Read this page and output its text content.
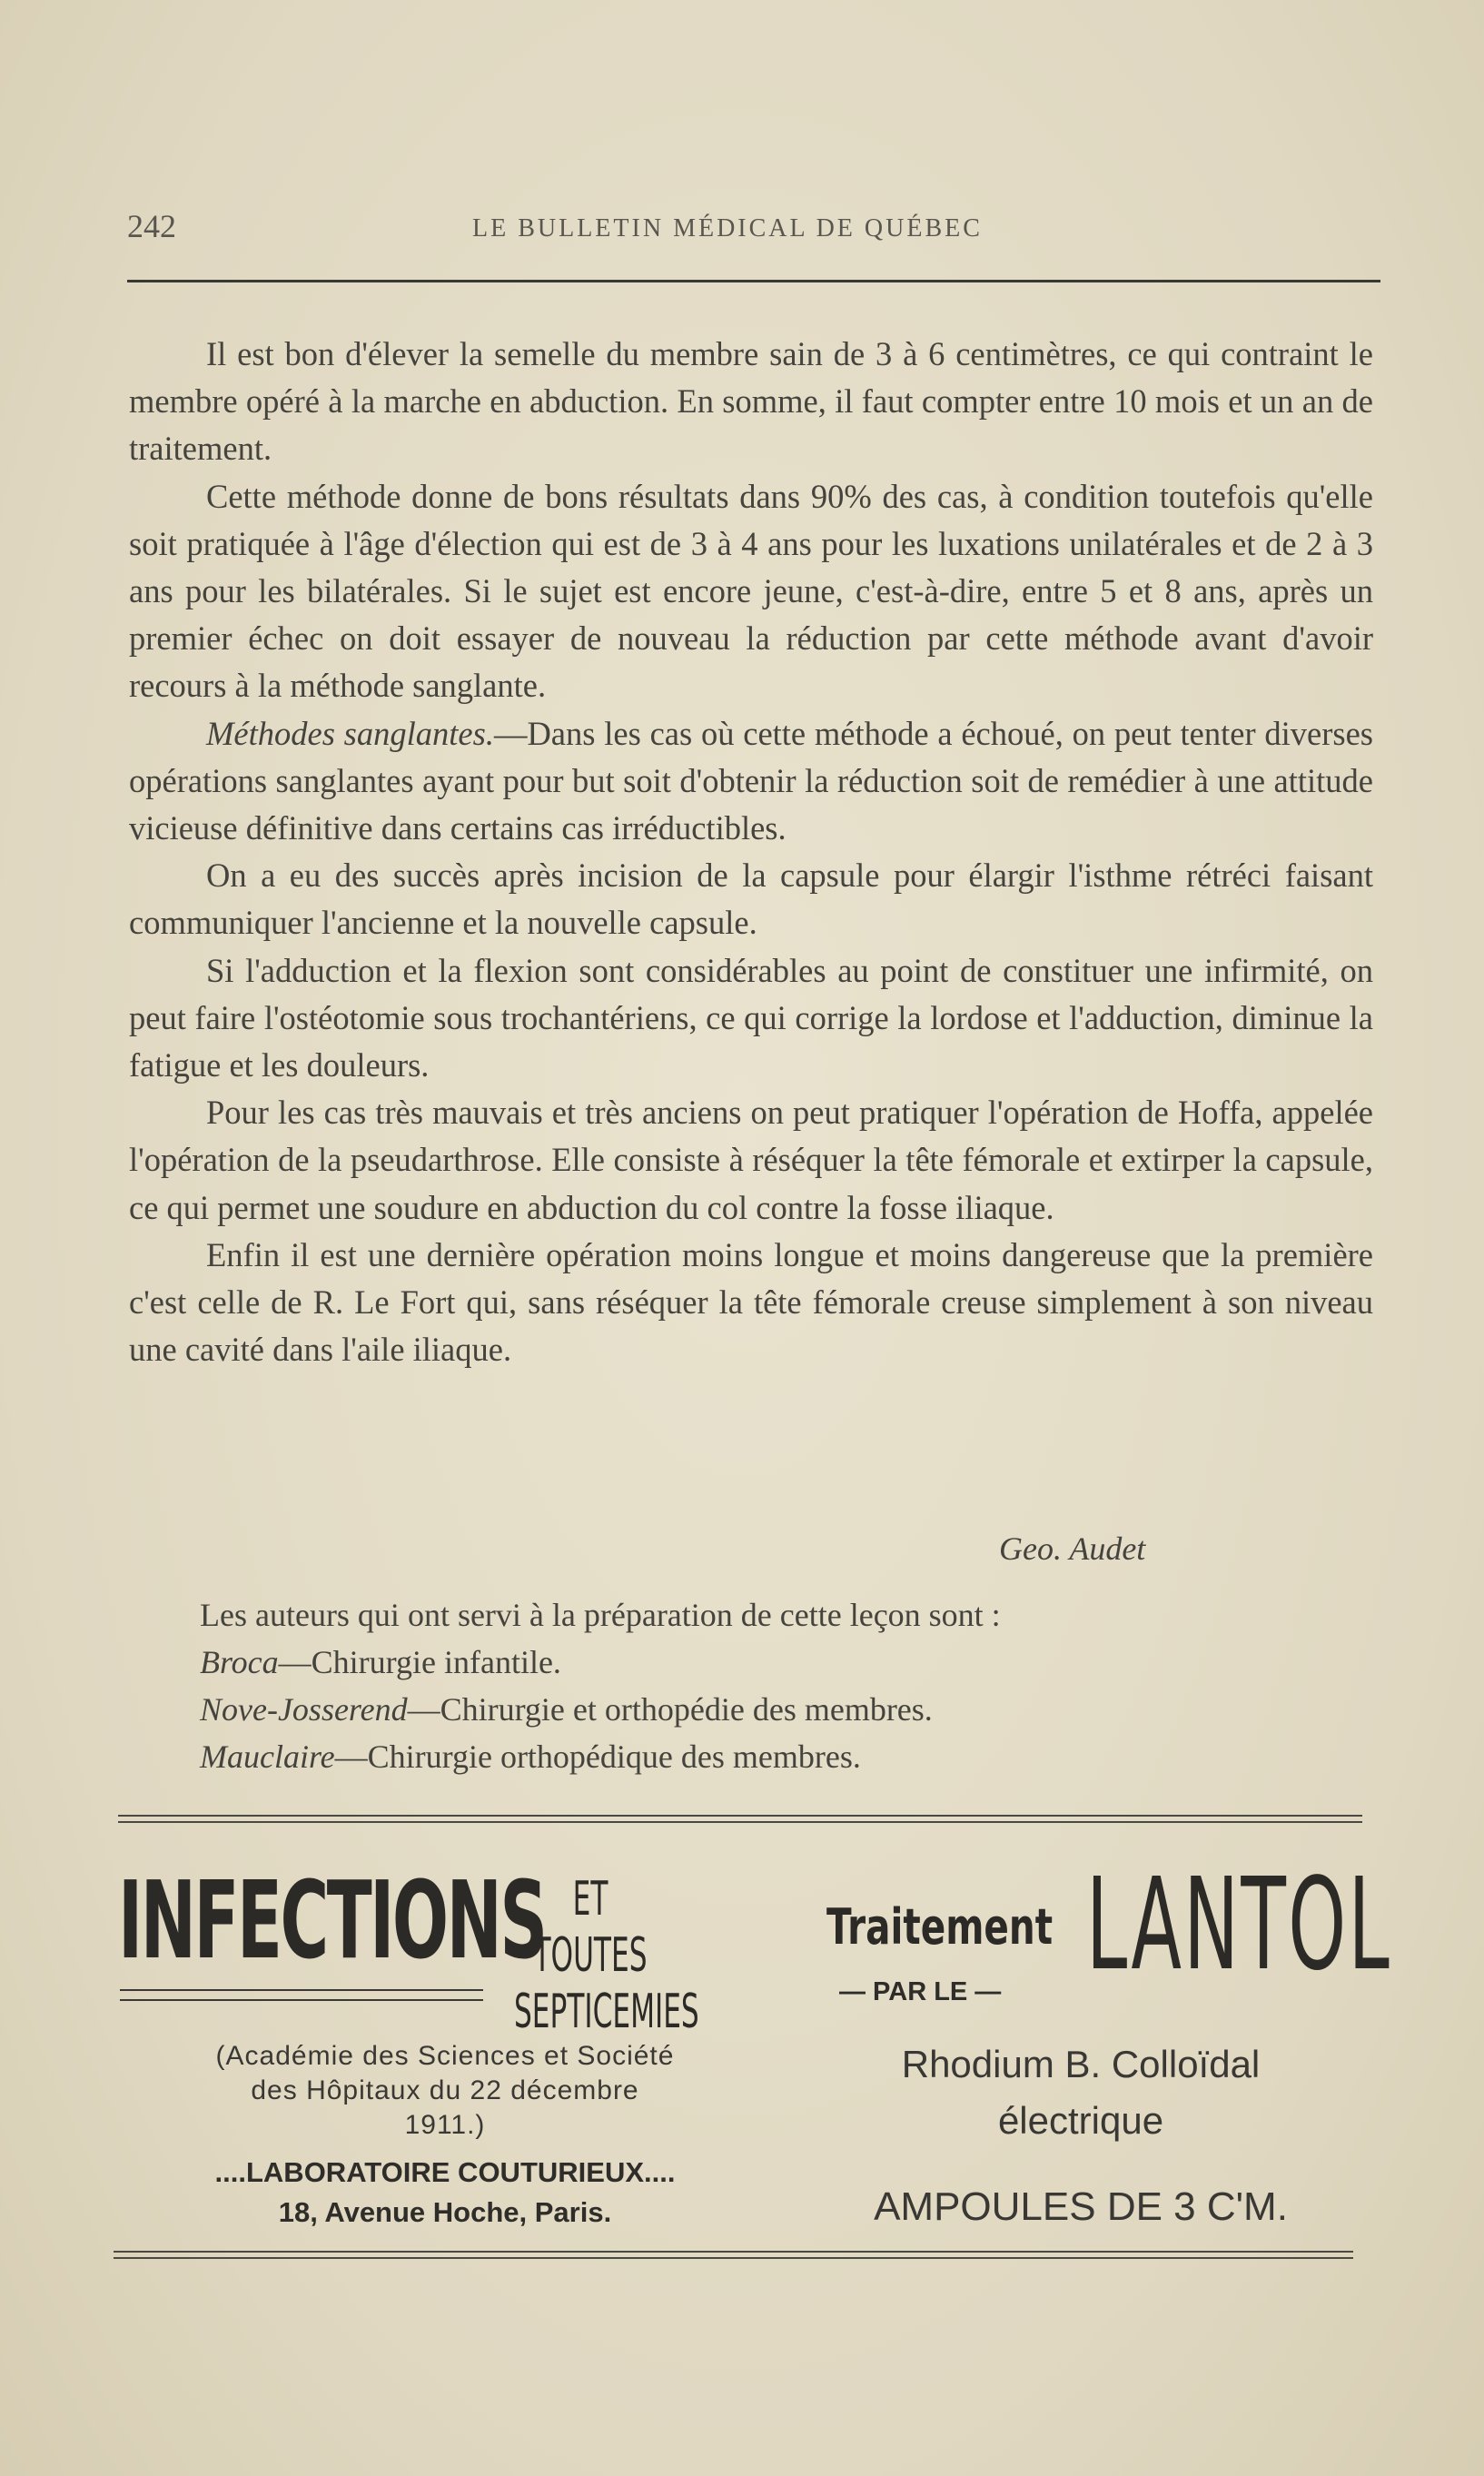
242	LE BULLETIN MÉDICAL DE QUÉBEC

Il est bon d'élever la semelle du membre sain de 3 à 6 centimètres, ce qui contraint le membre opéré à la marche en abduction. En somme, il faut compter entre 10 mois et un an de traitement.

Cette méthode donne de bons résultats dans 90% des cas, à condition toutefois qu'elle soit pratiquée à l'âge d'élection qui est de 3 à 4 ans pour les luxations unilatérales et de 2 à 3 ans pour les bilatérales. Si le sujet est encore jeune, c'est-à-dire, entre 5 et 8 ans, après un premier échec on doit essayer de nouveau la réduction par cette méthode avant d'avoir recours à la méthode sanglante.

Méthodes sanglantes.—Dans les cas où cette méthode a échoué, on peut tenter diverses opérations sanglantes ayant pour but soit d'obtenir la réduction soit de remédier à une attitude vicieuse définitive dans certains cas irréductibles.

On a eu des succès après incision de la capsule pour élargir l'isthme rétréci faisant communiquer l'ancienne et la nouvelle capsule.

Si l'adduction et la flexion sont considérables au point de constituer une infirmité, on peut faire l'ostéotomie sous trochantériens, ce qui corrige la lordose et l'adduction, diminue la fatigue et les douleurs.

Pour les cas très mauvais et très anciens on peut pratiquer l'opération de Hoffa, appelée l'opération de la pseudarthrose. Elle consiste à réséquer la tête fémorale et extirper la capsule, ce qui permet une soudure en abduction du col contre la fosse iliaque.

Enfin il est une dernière opération moins longue et moins dangereuse que la première c'est celle de R. Le Fort qui, sans réséquer la tête fémorale creuse simplement à son niveau une cavité dans l'aile iliaque.

Geo. Audet
Les auteurs qui ont servi à la préparation de cette leçon sont :
Broca—Chirurgie infantile.
Nove-Josserend—Chirurgie et orthopédie des membres.
Mauclaire—Chirurgie orthopédique des membres.
INFECTIONS ET TOUTES
SEPTICEMIES
(Académie des Sciences et Société
des Hôpitaux du 22 décembre
1911.)
....LABORATOIRE COUTURIEUX....
18, Avenue Hoche, Paris.
Traitement
— PAR LE — LANTOL
Rhodium B. Colloïdal
électrique
AMPOULES DE 3 C'M.
